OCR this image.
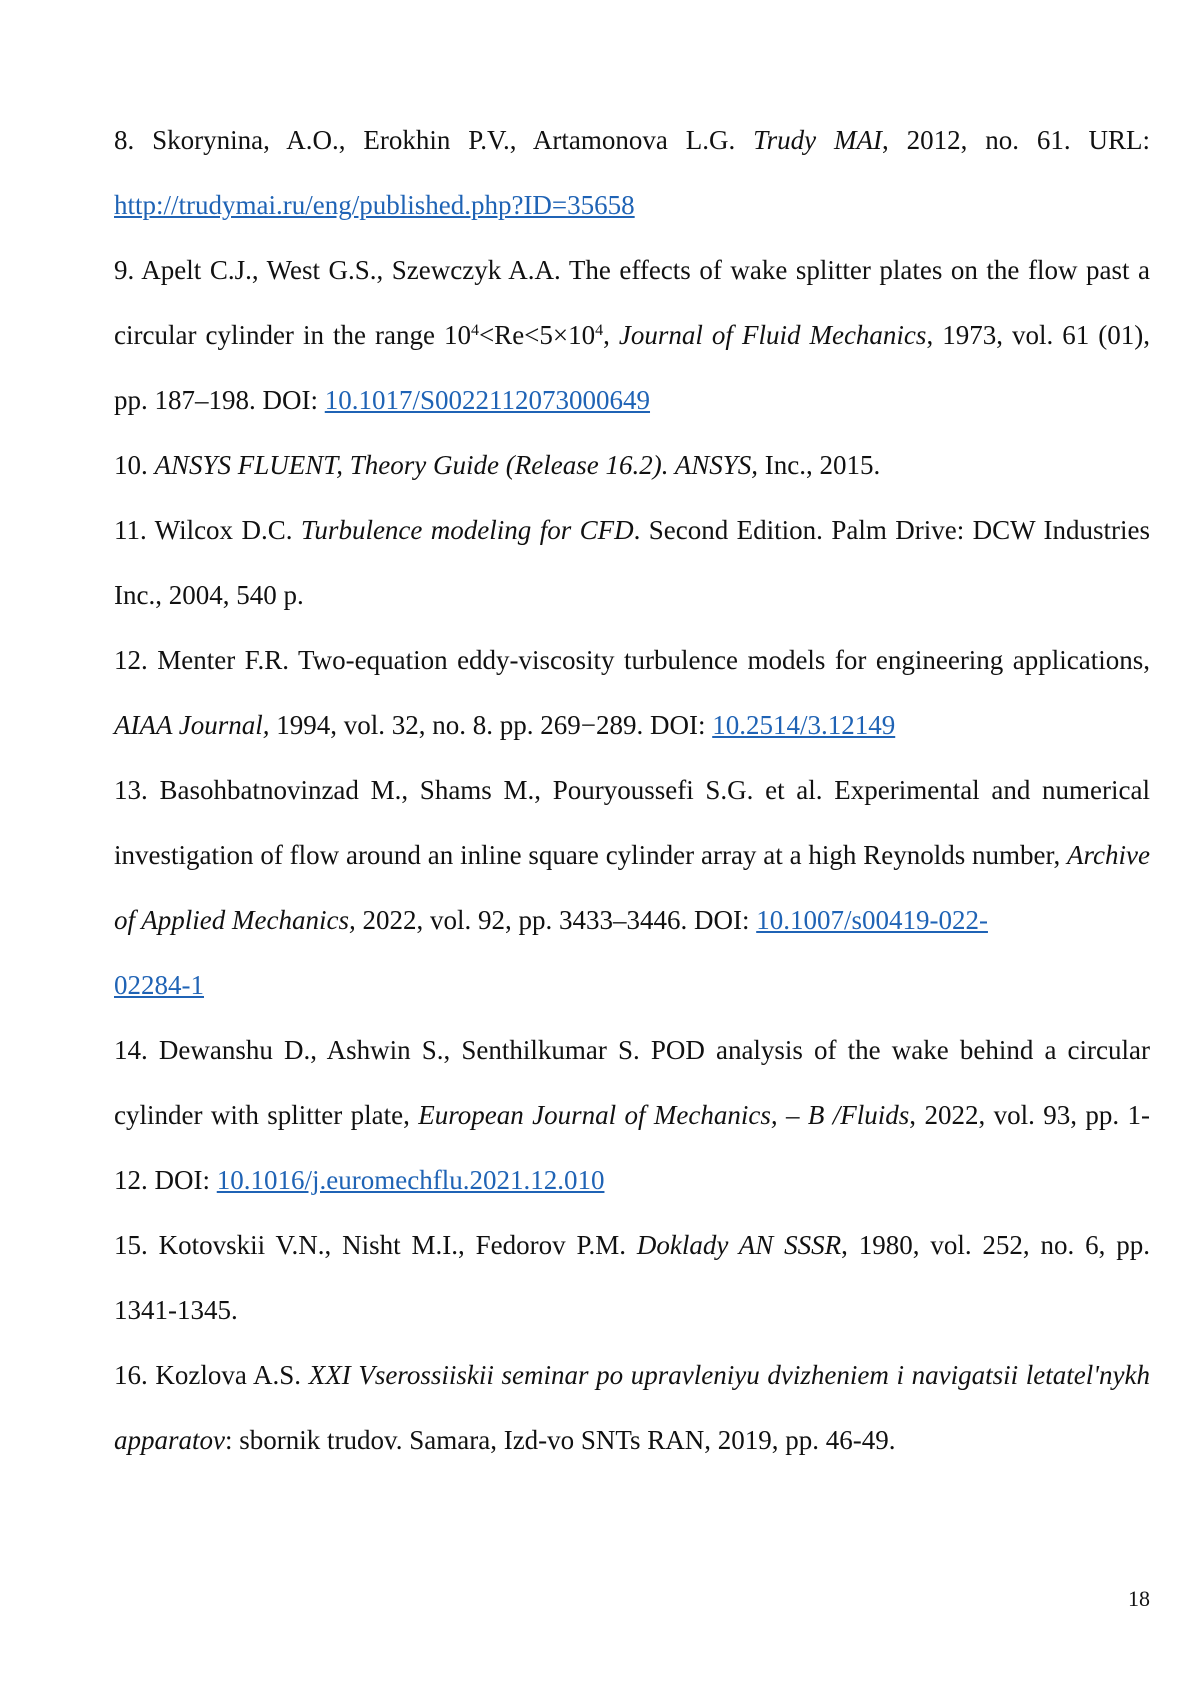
8. Skorynina, A.O., Erokhin P.V., Artamonova L.G. Trudy MAI, 2012, no. 61. URL: http://trudymai.ru/eng/published.php?ID=35658

9. Apelt C.J., West G.S., Szewczyk A.A. The effects of wake splitter plates on the flow past a circular cylinder in the range $10^4<Re<5\times 10^4$, Journal of Fluid Mechanics, 1973, vol. 61 (01), pp. 187–198. DOI: 10.1017/S0022112073000649

10. ANSYS FLUENT, Theory Guide (Release 16.2). ANSYS, Inc., 2015.

11. Wilcox D.C. Turbulence modeling for CFD. Second Edition. Palm Drive: DCW Industries Inc., 2004, 540 p.

12. Menter F.R. Two-equation eddy-viscosity turbulence models for engineering applications, AIAA Journal, 1994, vol. 32, no. 8. pp. 269−289. DOI: 10.2514/3.12149

13. Basohbatnovinzad M., Shams M., Pouryoussefi S.G. et al. Experimental and numerical investigation of flow around an inline square cylinder array at a high Reynolds number, Archive of Applied Mechanics, 2022, vol. 92, pp. 3433–3446. DOI: 10.1007/s00419-022-
02284-1

14. Dewanshu D., Ashwin S., Senthilkumar S. POD analysis of the wake behind a circular cylinder with splitter plate, European Journal of Mechanics, – B /Fluids, 2022, vol. 93, pp. 1-12. DOI: 10.1016/j.euromechflu.2021.12.010

15. Kotovskii V.N., Nisht M.I., Fedorov P.M. Doklady AN SSSR, 1980, vol. 252, no. 6, pp. 1341-1345.

16. Kozlova A.S. XXI Vserossiiskii seminar po upravleniyu dvizheniem i navigatsii letatel'nykh apparatov: sbornik trudov. Samara, Izd-vo SNTs RAN, 2019, pp. 46-49.

18
